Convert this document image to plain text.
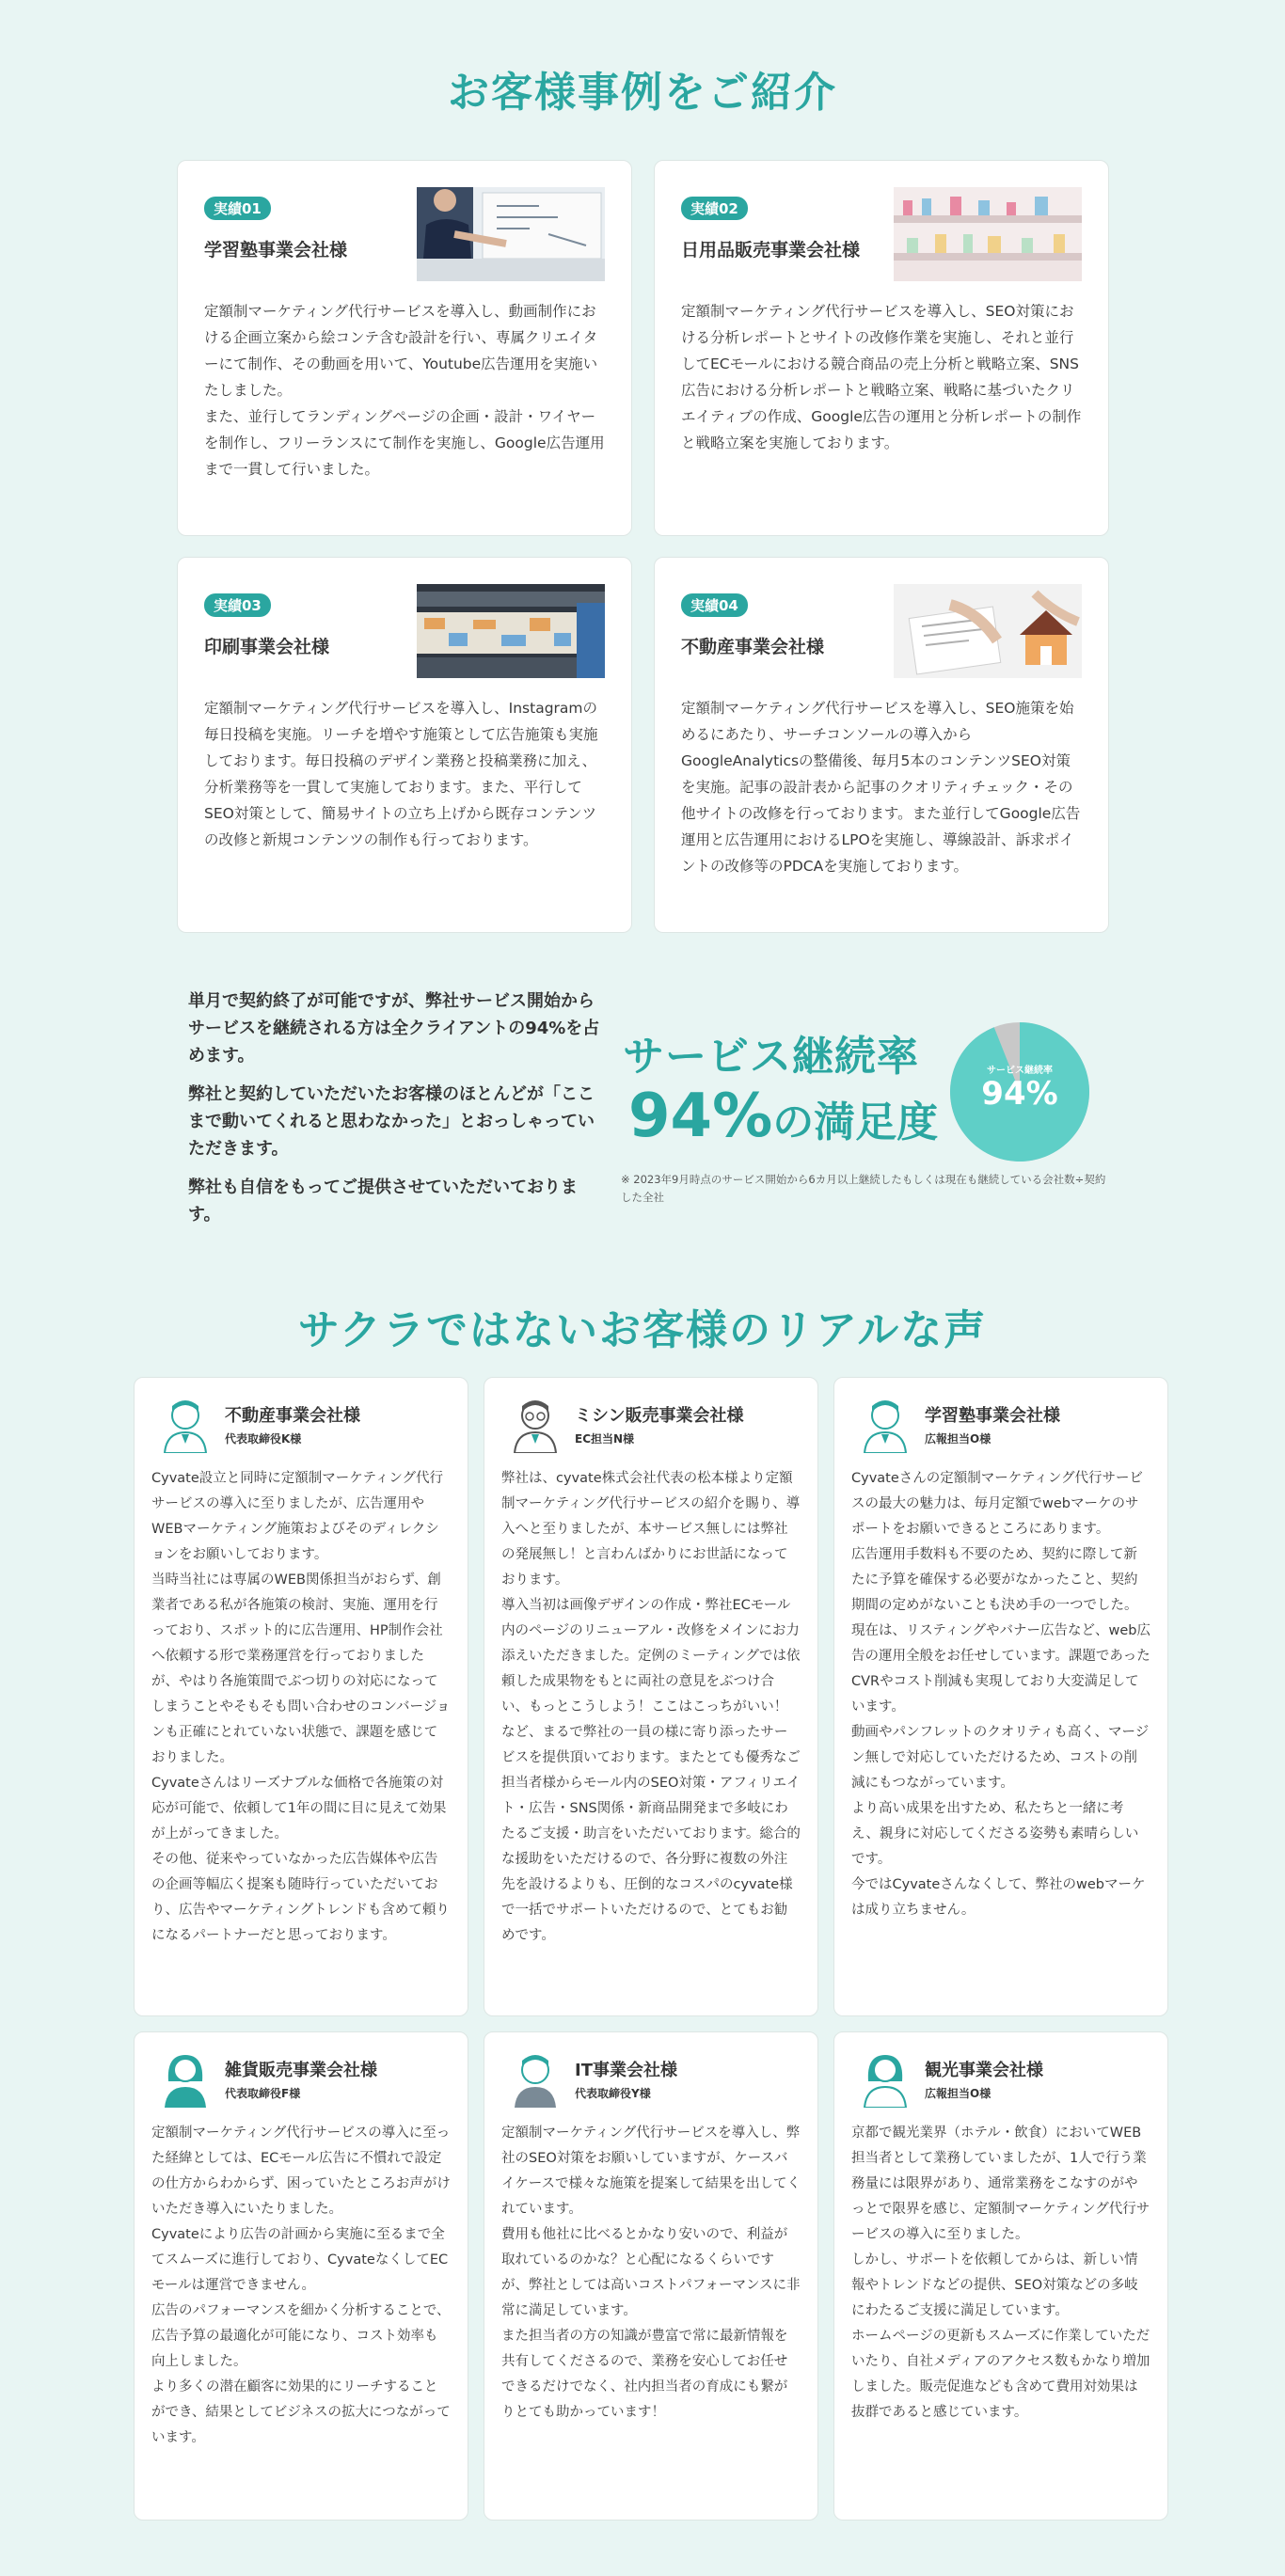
お客様事例をご紹介
実績01
学習塾事業会社様

定額制マーケティング代行サービスを導入し、動画制作における企画立案から絵コンテ含む設計を行い、専属クリエイターにて制作、その動画を用いて、Youtube広告運用を実施いたしました。
また、並行してランディングページの企画・設計・ワイヤーを制作し、フリーランスにて制作を実施し、Google広告運用まで一貫して行いました。

実績02
日用品販売事業会社様

定額制マーケティング代行サービスを導入し、SEO対策における分析レポートとサイトの改修作業を実施し、それと並行してECモールにおける競合商品の売上分析と戦略立案、SNS広告における分析レポートと戦略立案、戦略に基づいたクリエイティブの作成、Google広告の運用と分析レポートの制作と戦略立案を実施しております。

実績03
印刷事業会社様

定額制マーケティング代行サービスを導入し、Instagramの毎日投稿を実施。リーチを増やす施策として広告施策も実施しております。毎日投稿のデザイン業務と投稿業務に加え、分析業務等を一貫して実施しております。また、平行してSEO対策として、簡易サイトの立ち上げから既存コンテンツの改修と新規コンテンツの制作も行っております。

実績04
不動産事業会社様

定額制マーケティング代行サービスを導入し、SEO施策を始めるにあたり、サーチコンソールの導入からGoogleAnalyticsの整備後、毎月5本のコンテンツSEO対策を実施。記事の設計表から記事のクオリティチェック・その他サイトの改修を行っております。また並行してGoogle広告運用と広告運用におけるLPOを実施し、導線設計、訴求ポイントの改修等のPDCAを実施しております。

単月で契約終了が可能ですが、弊社サービス開始からサービスを継続される方は全クライアントの94%を占めます。

弊社と契約していただいたお客様のほとんどが「ここまで動いてくれると思わなかった」とおっしゃっていただきます。

弊社も自信をもってご提供させていただいております。

サービス継続率
94%の満足度
※ 2023年9月時点のサービス開始から6カ月以上継続したもしくは現在も継続している会社数÷契約した全社
サービス継続率
94%
サクラではないお客様のリアルな声
不動産事業会社様
代表取締役K様

Cyvate設立と同時に定額制マーケティング代行サービスの導入に至りましたが、広告運用やWEBマーケティング施策およびそのディレクションをお願いしております。
当時当社には専属のWEB関係担当がおらず、創業者である私が各施策の検討、実施、運用を行っており、スポット的に広告運用、HP制作会社へ依頼する形で業務運営を行っておりましたが、やはり各施策間でぶつ切りの対応になってしまうことやそもそも問い合わせのコンバージョンも正確にとれていない状態で、課題を感じておりました。
Cyvateさんはリーズナブルな価格で各施策の対応が可能で、依頼して1年の間に目に見えて効果が上がってきました。
その他、従来やっていなかった広告媒体や広告の企画等幅広く提案も随時行っていただいており、広告やマーケティングトレンドも含めて頼りになるパートナーだと思っております。

ミシン販売事業会社様
EC担当N様

弊社は、cyvate株式会社代表の松本様より定額制マーケティング代行サービスの紹介を賜り、導入へと至りましたが、本サービス無しには弊社の発展無し！と言わんばかりにお世話になっております。
導入当初は画像デザインの作成・弊社ECモール内のページのリニューアル・改修をメインにお力添えいただきました。定例のミーティングでは依頼した成果物をもとに両社の意見をぶつけ合い、もっとこうしよう！ここはこっちがいい！など、まるで弊社の一員の様に寄り添ったサービスを提供頂いております。またとても優秀なご担当者様からモール内のSEO対策・アフィリエイト・広告・SNS関係・新商品開発まで多岐にわたるご支援・助言をいただいております。総合的な援助をいただけるので、各分野に複数の外注先を設けるよりも、圧倒的なコスパのcyvate様で一括でサポートいただけるので、とてもお勧めです。

学習塾事業会社様
広報担当O様

Cyvateさんの定額制マーケティング代行サービスの最大の魅力は、毎月定額でwebマーケのサポートをお願いできるところにあります。
広告運用手数料も不要のため、契約に際して新たに予算を確保する必要がなかったこと、契約期間の定めがないことも決め手の一つでした。
現在は、リスティングやバナー広告など、web広告の運用全般をお任せしています。課題であったCVRやコスト削減も実現しており大変満足しています。
動画やパンフレットのクオリティも高く、マージン無しで対応していただけるため、コストの削減にもつながっています。
より高い成果を出すため、私たちと一緒に考え、親身に対応してくださる姿勢も素晴らしいです。
今ではCyvateさんなくして、弊社のwebマーケは成り立ちません。

雑貨販売事業会社様
代表取締役F様

定額制マーケティング代行サービスの導入に至った経緯としては、ECモール広告に不慣れで設定の仕方からわからず、困っていたところお声がけいただき導入にいたりました。
Cyvateにより広告の計画から実施に至るまで全てスムーズに進行しており、CyvateなくしてECモールは運営できません。
広告のパフォーマンスを細かく分析することで、広告予算の最適化が可能になり、コスト効率も向上しました。
より多くの潜在顧客に効果的にリーチすることができ、結果としてビジネスの拡大につながっています。

IT事業会社様
代表取締役Y様

定額制マーケティング代行サービスを導入し、弊社のSEO対策をお願いしていますが、ケースバイケースで様々な施策を提案して結果を出してくれています。
費用も他社に比べるとかなり安いので、利益が取れているのかな？と心配になるくらいですが、弊社としては高いコストパフォーマンスに非常に満足しています。
また担当者の方の知識が豊富で常に最新情報を共有してくださるので、業務を安心してお任せできるだけでなく、社内担当者の育成にも繋がりとても助かっています！

観光事業会社様
広報担当O様

京都で観光業界（ホテル・飲食）においてWEB担当者として業務していましたが、1人で行う業務量には限界があり、通常業務をこなすのがやっとで限界を感じ、定額制マーケティング代行サービスの導入に至りました。
しかし、サポートを依頼してからは、新しい情報やトレンドなどの提供、SEO対策などの多岐にわたるご支援に満足しています。
ホームページの更新もスムーズに作業していただいたり、自社メディアのアクセス数もかなり増加しました。販売促進なども含めて費用対効果は抜群であると感じています。
